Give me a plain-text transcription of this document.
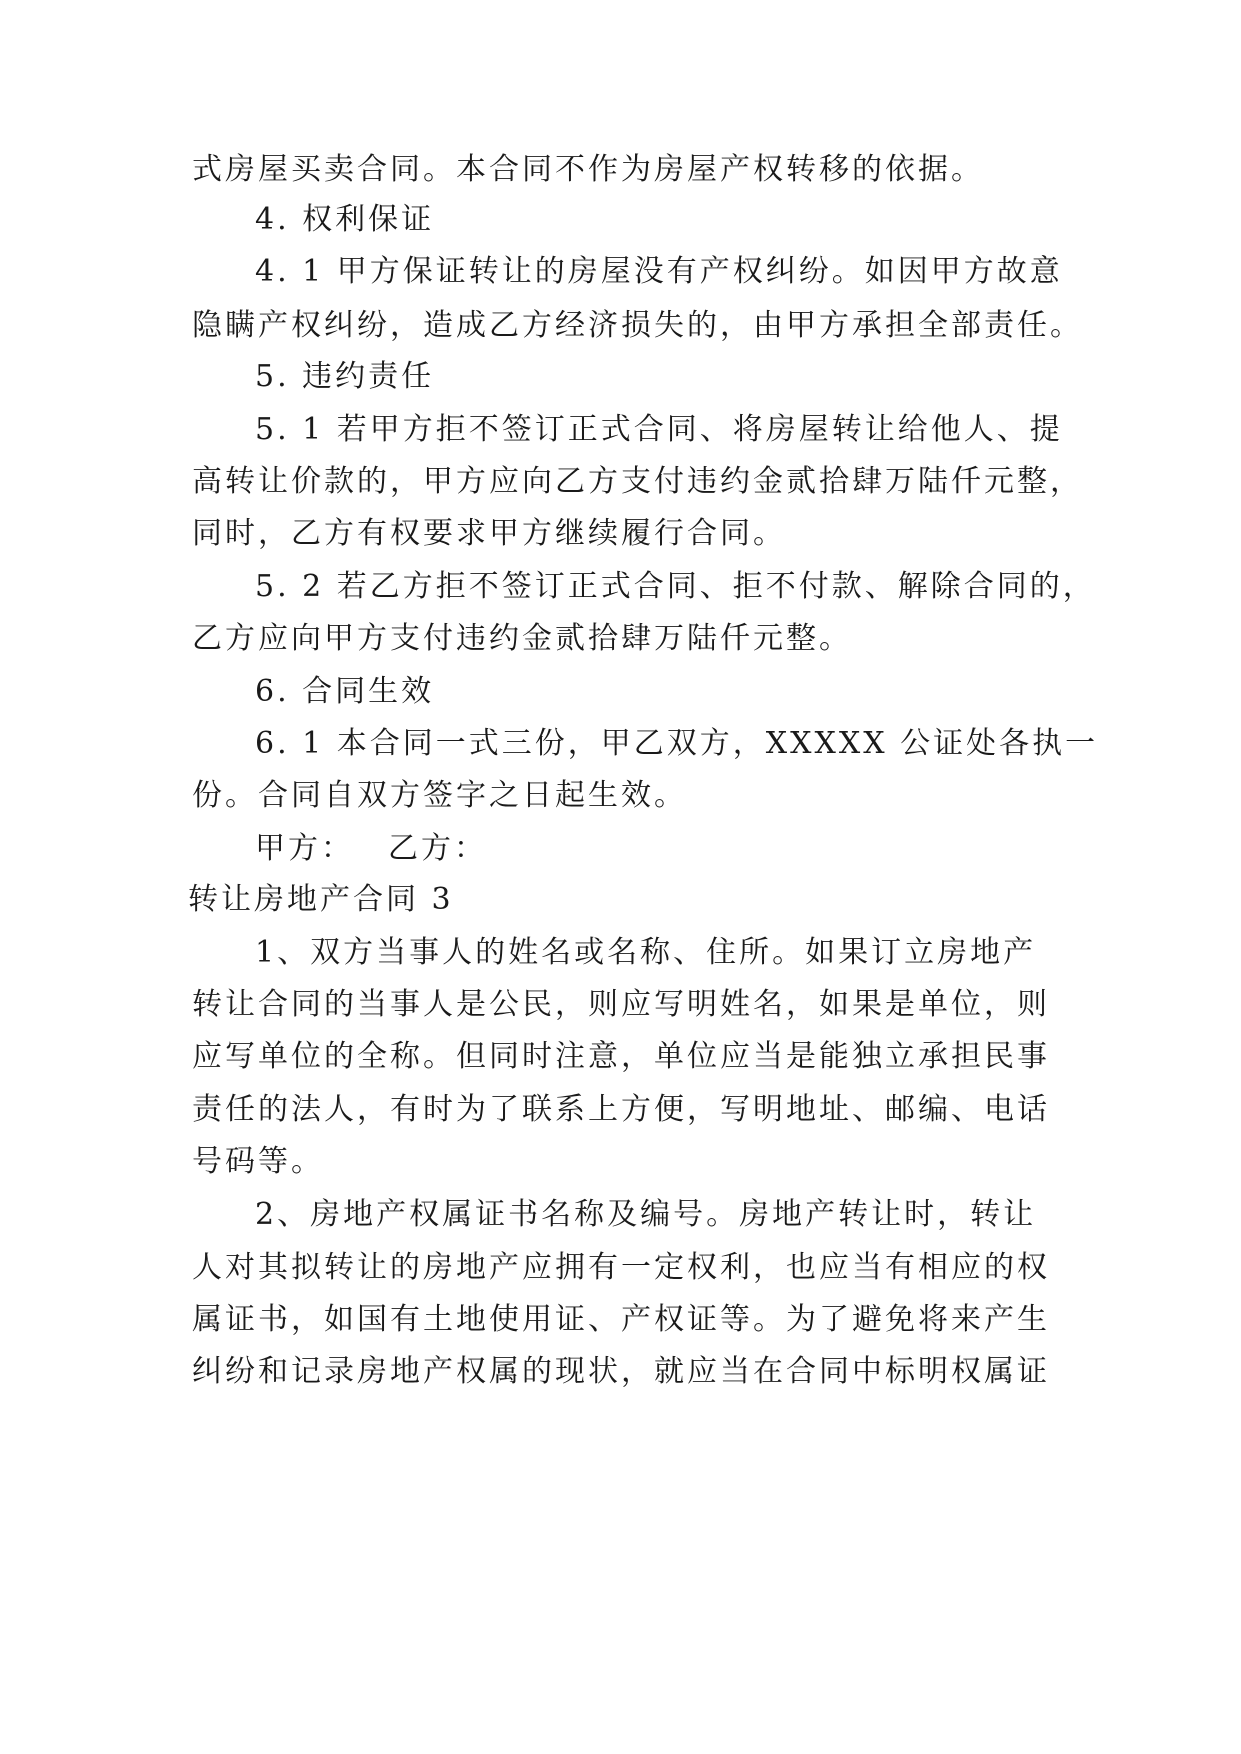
式房屋买卖合同。本合同不作为房屋产权转移的依据。
4. 权利保证
4. 1 甲方保证转让的房屋没有产权纠纷。如因甲方故意
隐瞒产权纠纷，造成乙方经济损失的，由甲方承担全部责任。
5. 违约责任
5. 1 若甲方拒不签订正式合同、将房屋转让给他人、提
高转让价款的，甲方应向乙方支付违约金贰拾肆万陆仟元整，
同时，乙方有权要求甲方继续履行合同。
5. 2 若乙方拒不签订正式合同、拒不付款、解除合同的，
乙方应向甲方支付违约金贰拾肆万陆仟元整。
6. 合同生效
6. 1 本合同一式三份，甲乙双方，XXXXX 公证处各执一
份。合同自双方签字之日起生效。
甲方： 乙方：
转让房地产合同 3
1、双方当事人的姓名或名称、住所。如果订立房地产
转让合同的当事人是公民，则应写明姓名，如果是单位，则
应写单位的全称。但同时注意，单位应当是能独立承担民事
责任的法人，有时为了联系上方便，写明地址、邮编、电话
号码等。
2、房地产权属证书名称及编号。房地产转让时，转让
人对其拟转让的房地产应拥有一定权利，也应当有相应的权
属证书，如国有土地使用证、产权证等。为了避免将来产生
纠纷和记录房地产权属的现状，就应当在合同中标明权属证
